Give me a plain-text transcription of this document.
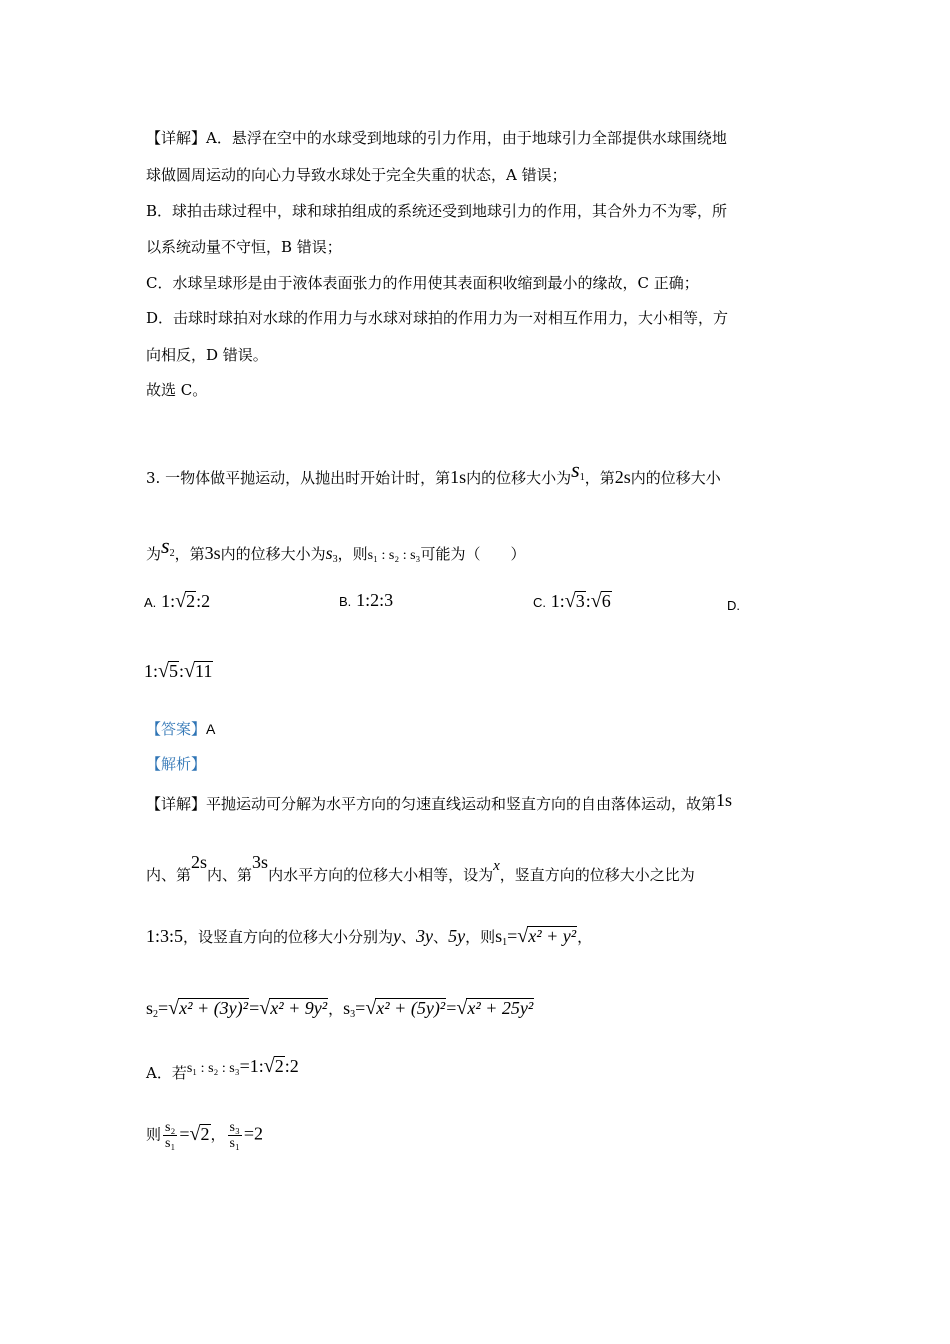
【详解】A．悬浮在空中的水球受到地球的引力作用，由于地球引力全部提供水球围绕地
球做圆周运动的向心力导致水球处于完全失重的状态，A 错误；
B．球拍击球过程中，球和球拍组成的系统还受到地球引力的作用，其合外力不为零，所
以系统动量不守恒，B 错误；
C．水球呈球形是由于液体表面张力的作用使其表面积收缩到最小的缘故，C 正确；
D．击球时球拍对水球的作用力与水球对球拍的作用力为一对相互作用力，大小相等，方
向相反，D 错误。
故选 C。
3. 一物体做平抛运动，从抛出时开始计时，第1s内的位移大小为$s_1$，第2s内的位移大小
为$s_2$，第3s内的位移大小为$s_3$，则s₁ : s₂ : s₃可能为（　　）
A. 1:√2:2	B. 1:2:3	C. 1:√3:√6	D.
1:√5:√11
【答案】A
【解析】
【详解】平抛运动可分解为水平方向的匀速直线运动和竖直方向的自由落体运动，故第1s
内、第2s内、第3s内水平方向的位移大小相等，设为x，竖直方向的位移大小之比为
1:3:5，设竖直方向的位移大小分别为y、3y、5y，则$s_1=√x^2 + y^2$，
$s_2=√x^2 + (3y)^2=√x^2 + 9y^2$，$s_3=√x^2 + (5y)^2=√x^2 + 25y^2$
A．若s₁ : s₂ : s₃=1:√2:2
则 $\frac{\text{s₂}}{\text{s₁}} =√2$， $\frac{\text{s₃}}{\text{s₁}} =2$
